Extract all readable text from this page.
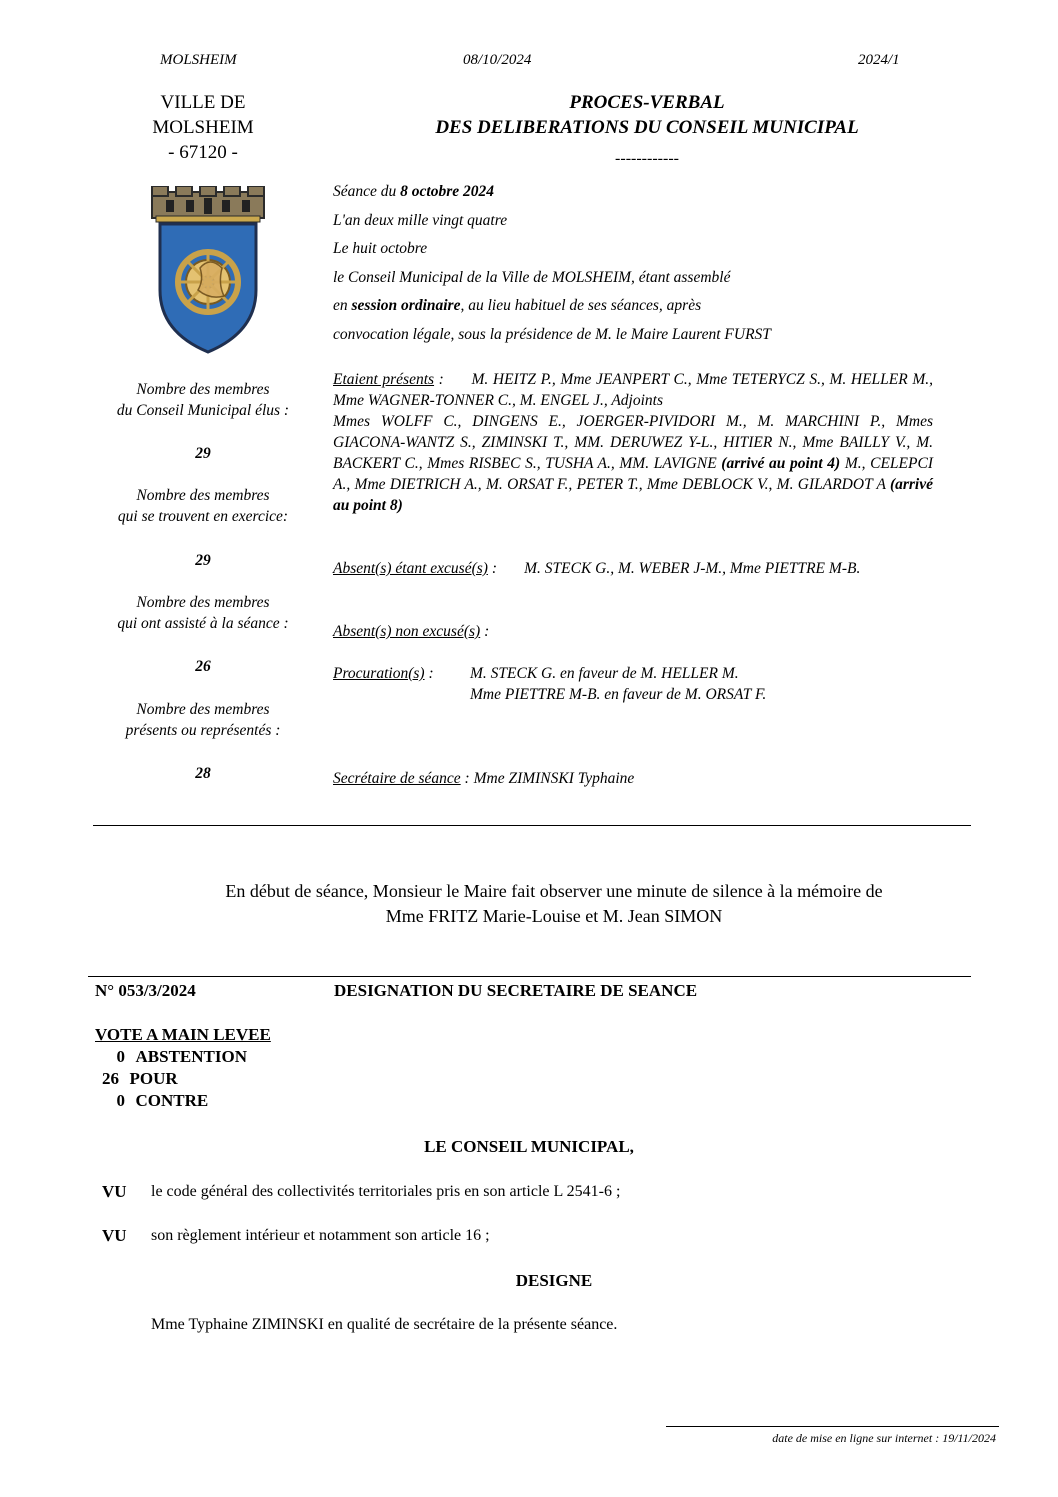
MOLSHEIM	08/10/2024	2024/1
VILLE DE
MOLSHEIM
- 67120 -
PROCES-VERBAL
DES DELIBERATIONS DU CONSEIL MUNICIPAL
------------
Séance du 8 octobre 2024
L'an deux mille vingt quatre
Le huit octobre
le Conseil Municipal de la Ville de MOLSHEIM, étant assemblé
en session ordinaire, au lieu habituel de ses séances, après
convocation légale, sous la présidence de M. le Maire Laurent FURST
Nombre des membres
du Conseil Municipal élus :
29
Nombre des membres
qui se trouvent en exercice:
29
Nombre des membres
qui ont assisté à la séance :
26
Nombre des membres
présents ou représentés :
28
Etaient présents : M. HEITZ P., Mme JEANPERT C., Mme TETERYCZ S., M. HELLER M., Mme WAGNER-TONNER C., M. ENGEL J., Adjoints
Mmes WOLFF C., DINGENS E., JOERGER-PIVIDORI M., M. MARCHINI P., Mmes GIACONA-WANTZ S., ZIMINSKI T., MM. DERUWEZ Y-L., HITIER N., Mme BAILLY V., M. BACKERT C., Mmes RISBEC S., TUSHA A., MM. LAVIGNE (arrivé au point 4) M., CELEPCI A., Mme DIETRICH A., M. ORSAT F., PETER T., Mme DEBLOCK V., M. GILARDOT A (arrivé au point 8)
Absent(s) étant excusé(s) : M. STECK G., M. WEBER J-M., Mme PIETTRE M-B.
Absent(s) non excusé(s) :
Procuration(s) :	M. STECK G. en faveur de M. HELLER M.
Mme PIETTRE M-B. en faveur de M. ORSAT F.
Secrétaire de séance : Mme ZIMINSKI Typhaine
En début de séance, Monsieur le Maire fait observer une minute de silence à la mémoire de
Mme FRITZ Marie-Louise et M. Jean SIMON
N° 053/3/2024	DESIGNATION DU SECRETAIRE DE SEANCE
VOTE A MAIN LEVEE
0 ABSTENTION
26 POUR
0 CONTRE
LE CONSEIL MUNICIPAL,
VU le code général des collectivités territoriales pris en son article L 2541-6 ;
VU son règlement intérieur et notamment son article 16 ;
DESIGNE
Mme Typhaine ZIMINSKI en qualité de secrétaire de la présente séance.
date de mise en ligne sur internet : 19/11/2024
